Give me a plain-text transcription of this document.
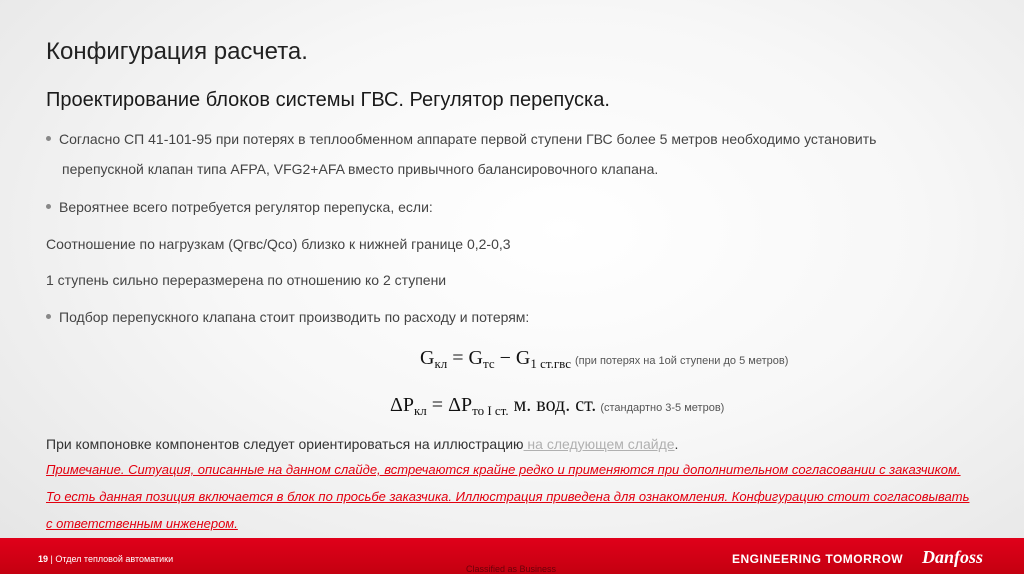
Конфигурация расчета.
Проектирование блоков системы ГВС. Регулятор перепуска.
Согласно СП 41-101-95 при потерях в теплообменном аппарате первой ступени ГВС более 5 метров необходимо установить
перепускной клапан типа AFPA, VFG2+AFA вместо привычного балансировочного клапана.
Вероятнее всего потребуется регулятор перепуска, если:
Соотношение по нагрузкам (Qгвс/Qco) близко к нижней границе 0,2-0,3
1 ступень сильно переразмерена по отношению ко 2 ступени
Подбор перепускного клапана стоит производить по расходу и потерям:
$G_{кл} = G_{тс} - G_{1 ст.гвс}$ (при потерях на 1ой ступени до 5 метров)
$\Delta P_{кл} = \Delta P_{то I ст.}$ м. вод. ст. (стандартно 3-5 метров)
При компоновке компонентов следует ориентироваться на иллюстрацию на следующем слайде.
Примечание. Ситуация, описанные на данном слайде, встречаются крайне редко и применяются при дополнительном согласовании с заказчиком.
То есть данная позиция включается в блок по просьбе заказчика. Иллюстрация приведена для ознакомления. Конфигурацию стоит согласовывать
с ответственным инженером.
19 | Отдел тепловой автоматики
Classified as Business
ENGINEERING TOMORROW Danfoss
